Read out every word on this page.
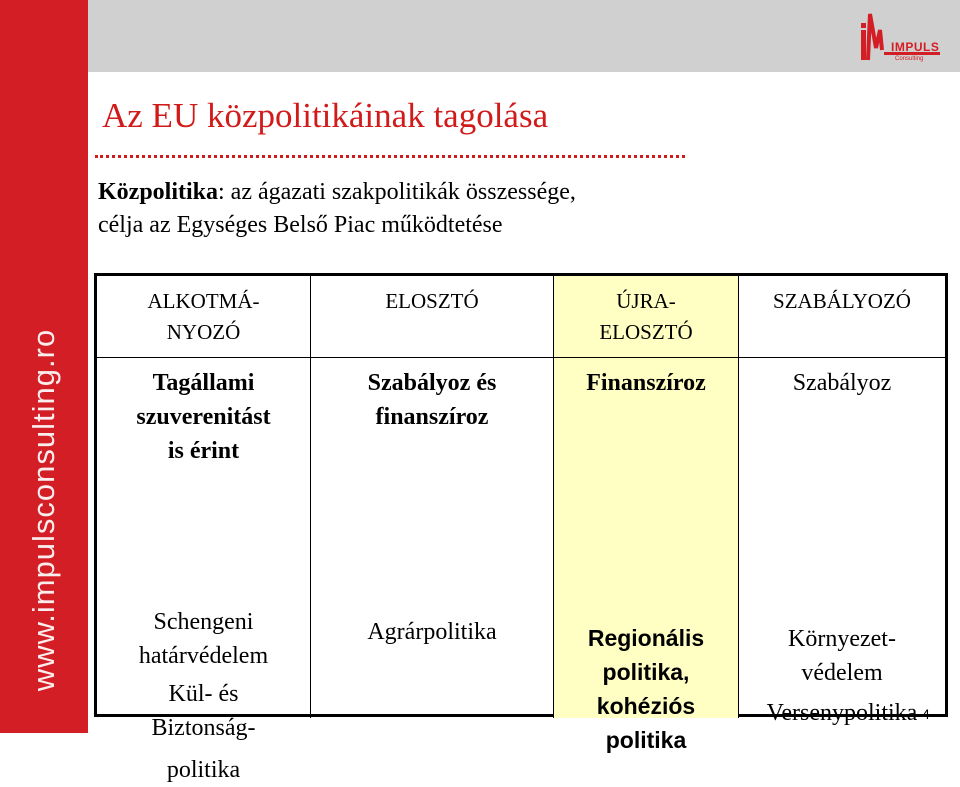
www.impulsconsulting.ro
IMPULS
Consulting
Az EU közpolitikáinak tagolása
Közpolitika: az ágazati szakpolitikák összessége,
célja az Egységes Belső Piac működtetése
ALKOTMÁ-
NYOZÓ
ELOSZTÓ	ÚJRA-
ELOSZTÓ
SZABÁLYOZÓ
Tagállami
szuverenitást
is érint
Schengeni
határvédelem
Kül- és
Biztonság-
politika
Szabályoz és
finanszíroz
Agrárpolitika
Finanszíroz
Regionális
politika,
kohéziós
politika
Szabályoz
Környezet-
védelem
Versenypolitika 4
